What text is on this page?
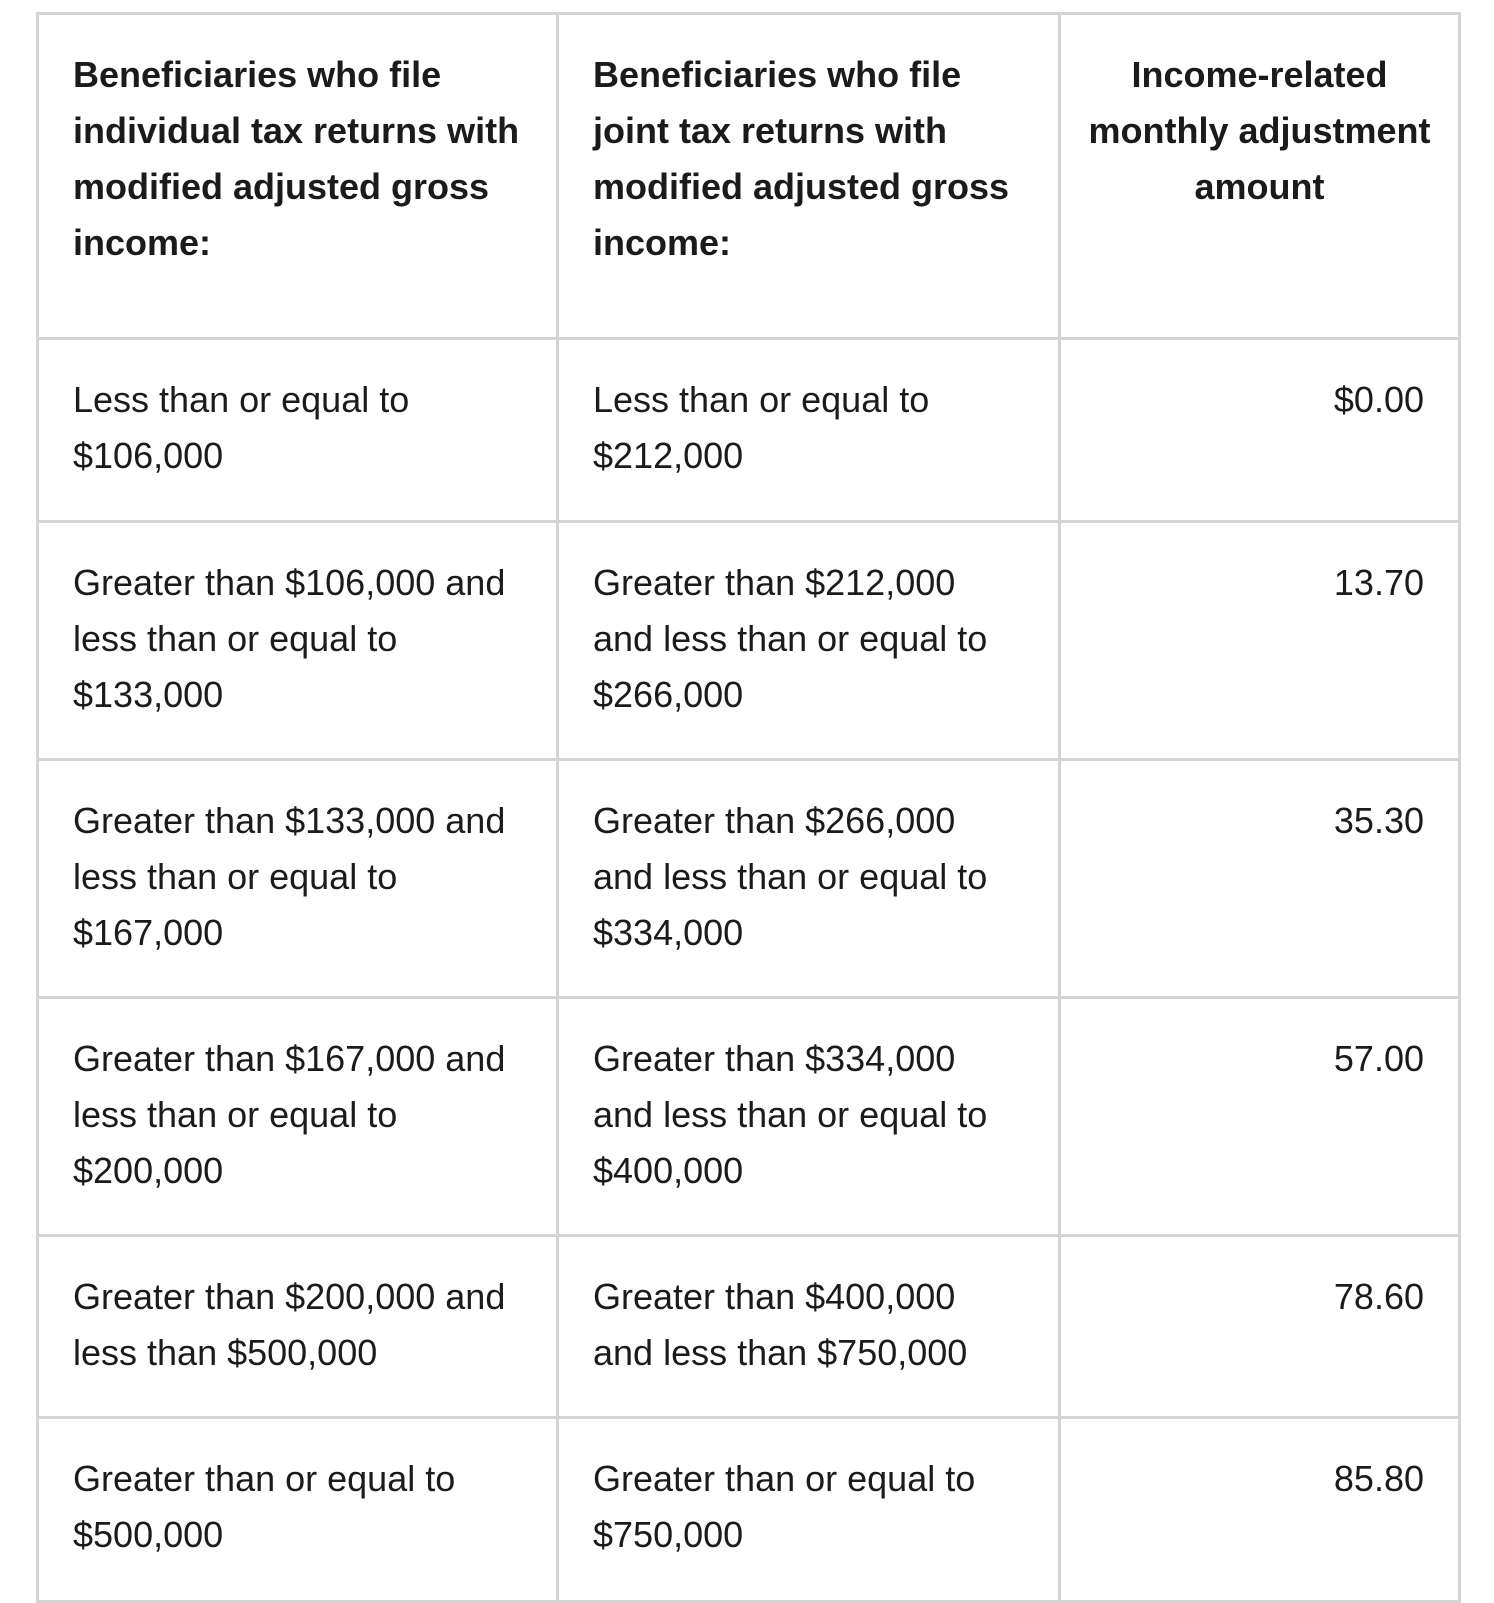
Beneficiaries who file individual tax returns with modified adjusted gross income:	Beneficiaries who file joint tax returns with modified adjusted gross income:	Income-related monthly adjustment amount
Less than or equal to $106,000	Less than or equal to $212,000	$0.00
Greater than $106,000 and less than or equal to $133,000	Greater than $212,000 and less than or equal to $266,000	13.70
Greater than $133,000 and less than or equal to $167,000	Greater than $266,000 and less than or equal to $334,000	35.30
Greater than $167,000 and less than or equal to $200,000	Greater than $334,000 and less than or equal to $400,000	57.00
Greater than $200,000 and less than $500,000	Greater than $400,000 and less than $750,000	78.60
Greater than or equal to $500,000	Greater than or equal to $750,000	85.80
